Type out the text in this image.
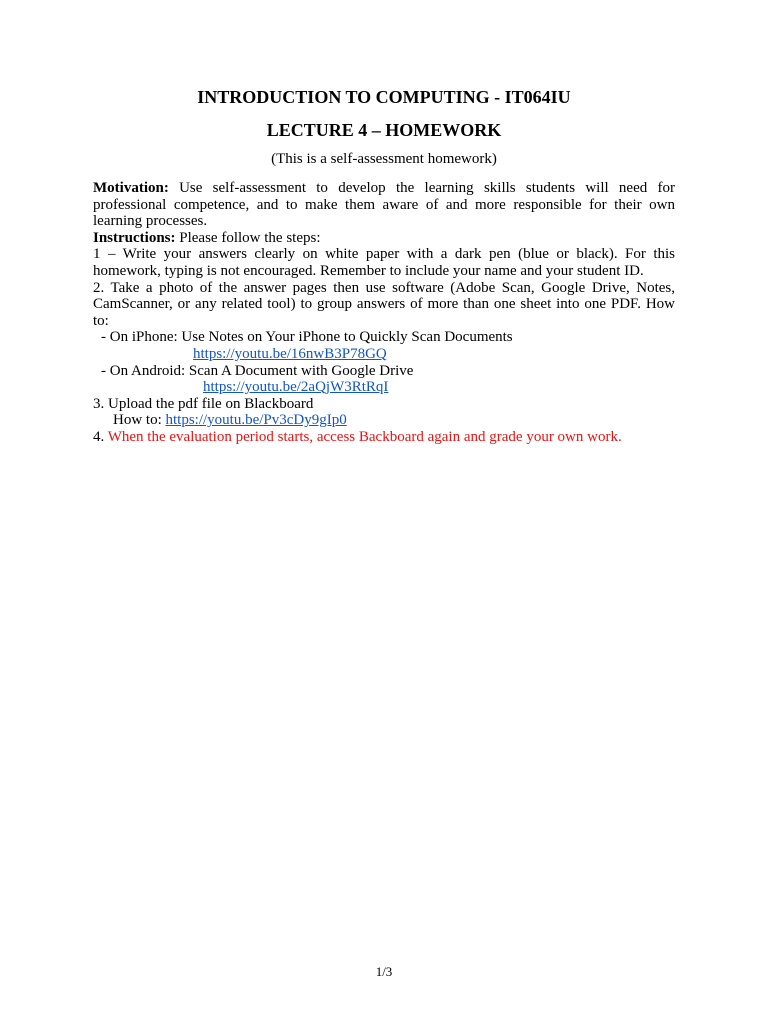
INTRODUCTION TO COMPUTING - IT064IU
LECTURE 4 – HOMEWORK
(This is a self-assessment homework)

Motivation: Use self-assessment to develop the learning skills students will need for professional competence, and to make them aware of and more responsible for their own learning processes.

Instructions: Please follow the steps:

1 – Write your answers clearly on white paper with a dark pen (blue or black). For this homework, typing is not encouraged. Remember to include your name and your student ID.

2. Take a photo of the answer pages then use software (Adobe Scan, Google Drive, Notes, CamScanner, or any related tool) to group answers of more than one sheet into one PDF. How to:

- On iPhone: Use Notes on Your iPhone to Quickly Scan Documents

https://youtu.be/16nwB3P78GQ

- On Android: Scan A Document with Google Drive

https://youtu.be/2aQjW3RtRqI

3. Upload the pdf file on Blackboard

How to: https://youtu.be/Pv3cDy9gIp0

4. When the evaluation period starts, access Backboard again and grade your own work.

1/3
